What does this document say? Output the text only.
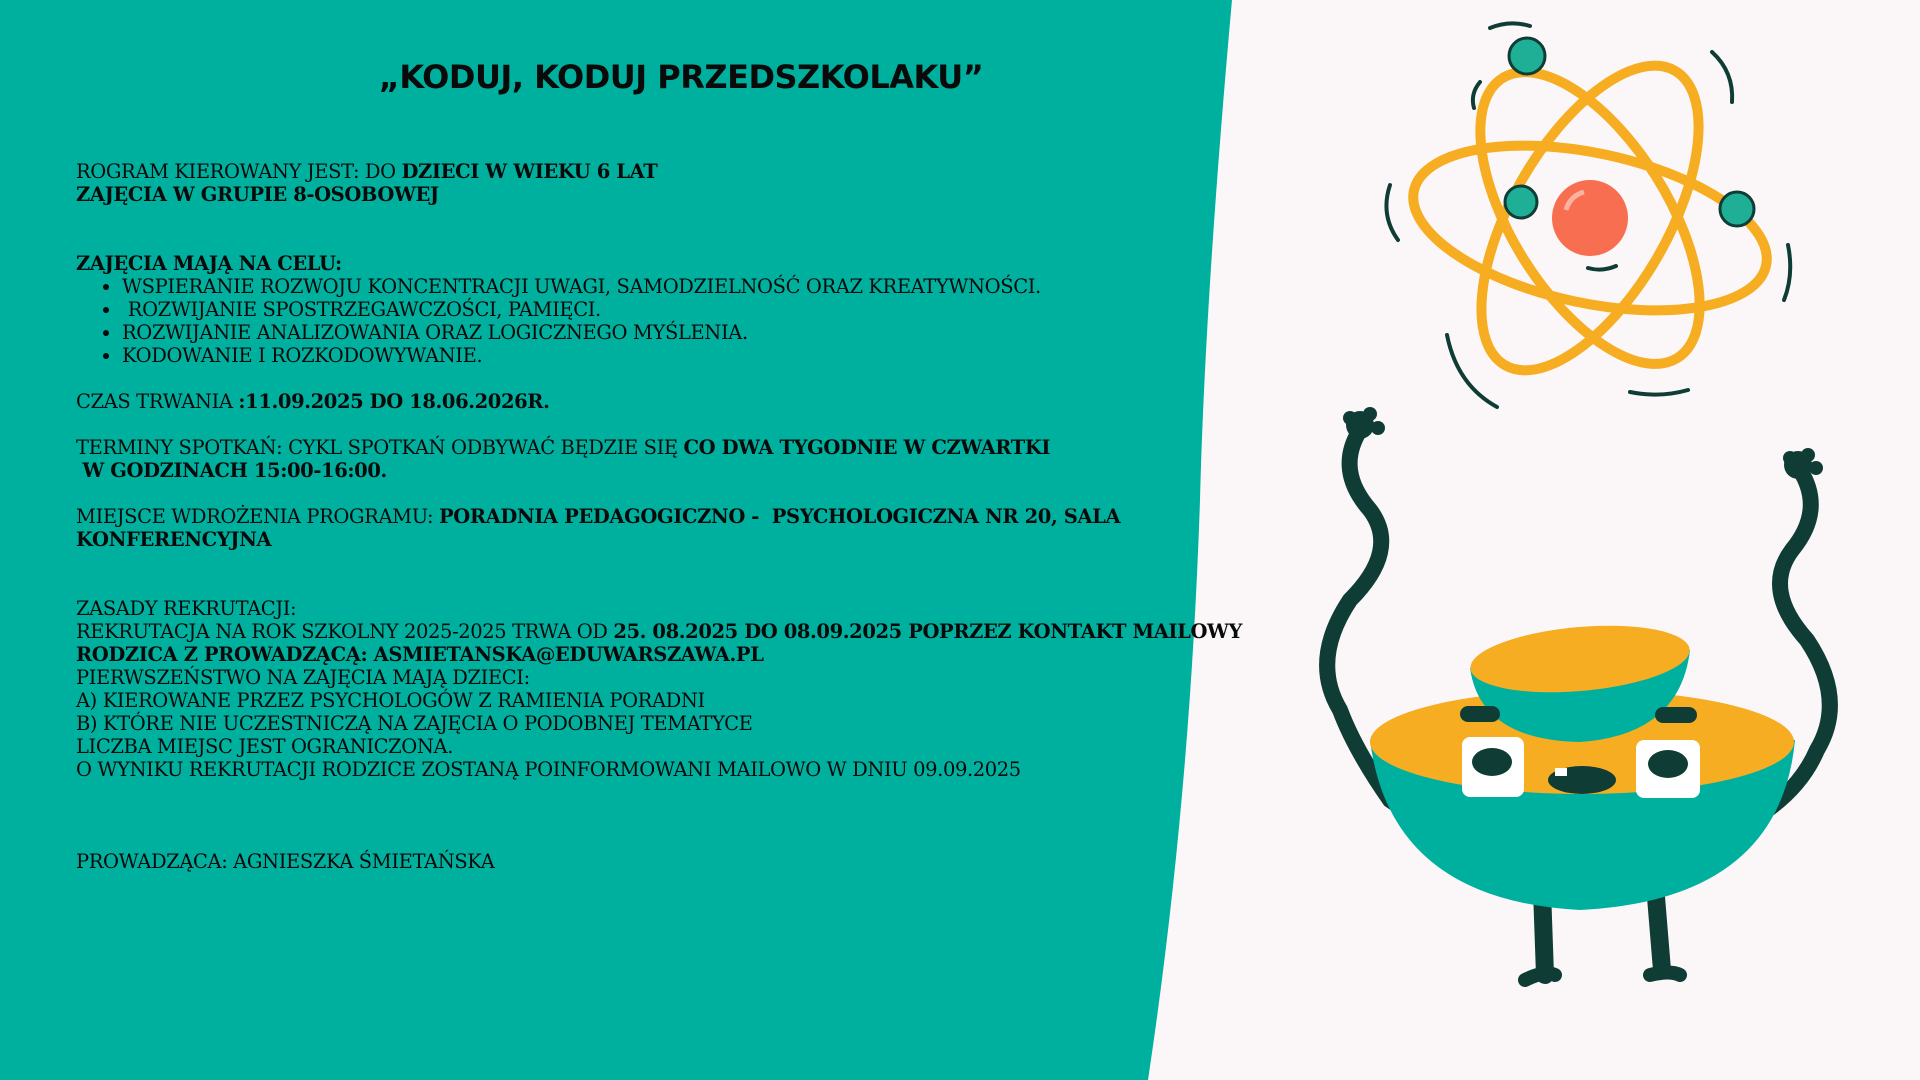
„KODUJ, KODUJ PRZEDSZKOLAKU”

ROGRAM KIEROWANY JEST: DO DZIECI W WIEKU 6 LAT

ZAJĘCIA W GRUPIE 8-OSOBOWEJ

ZAJĘCIA MAJĄ NA CELU:

• WSPIERANIE ROZWOJU KONCENTRACJI UWAGI, SAMODZIELNOŚĆ ORAZ KREATYWNOŚCI.
•  ROZWIJANIE SPOSTRZEGAWCZOŚCI, PAMIĘCI.
• ROZWIJANIE ANALIZOWANIA ORAZ LOGICZNEGO MYŚLENIA.
• KODOWANIE I ROZKODOWYWANIE.

CZAS TRWANIA :11.09.2025 DO 18.06.2026R.

TERMINY SPOTKAŃ: CYKL SPOTKAŃ ODBYWAĆ BĘDZIE SIĘ CO DWA TYGODNIE W CZWARTKI

W GODZINACH 15:00-16:00.

MIEJSCE WDROŻENIA PROGRAMU: PORADNIA PEDAGOGICZNO -  PSYCHOLOGICZNA NR 20, SALA

KONFERENCYJNA

ZASADY REKRUTACJI:

REKRUTACJA NA ROK SZKOLNY 2025-2025 TRWA OD 25. 08.2025 DO 08.09.2025 POPRZEZ KONTAKT MAILOWY

RODZICA Z PROWADZĄCĄ: ASMIETANSKA@EDUWARSZAWA.PL

PIERWSZEŃSTWO NA ZAJĘCIA MAJĄ DZIECI:

A) KIEROWANE PRZEZ PSYCHOLOGÓW Z RAMIENIA PORADNI

B) KTÓRE NIE UCZESTNICZĄ NA ZAJĘCIA O PODOBNEJ TEMATYCE

LICZBA MIEJSC JEST OGRANICZONA.

O WYNIKU REKRUTACJI RODZICE ZOSTANĄ POINFORMOWANI MAILOWO W DNIU 09.09.2025

PROWADZĄCA: AGNIESZKA ŚMIETAŃSKA
